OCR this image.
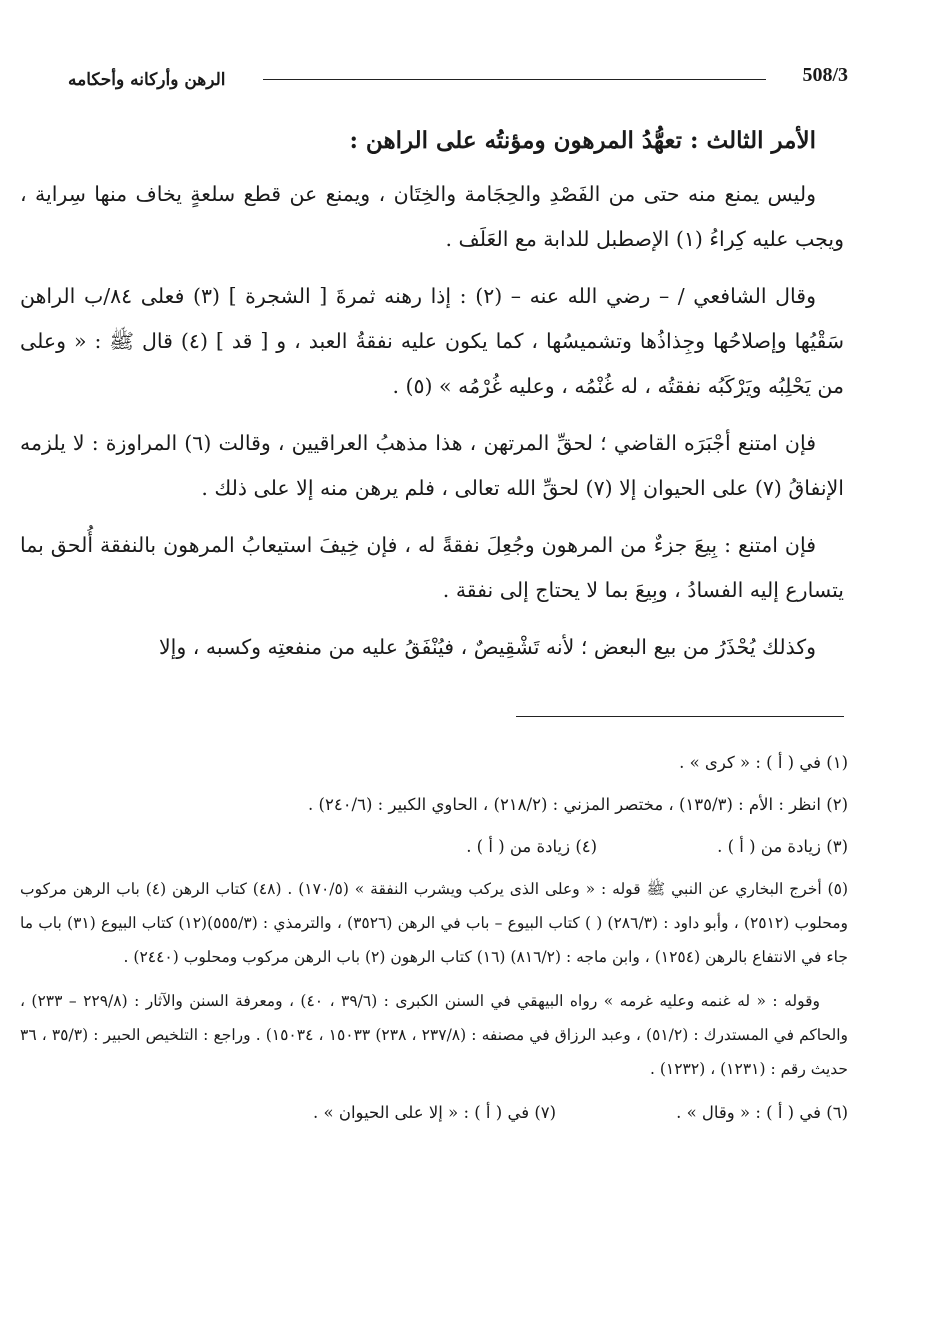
508/3
الرهن وأركانه وأحكامه
الأمر الثالث : تعهُّدُ المرهون ومؤنتُه على الراهن :

وليس يمنع منه حتى من الفَصْدِ والحِجَامة والخِتَان ، ويمنع عن قطع سلعةٍ يخاف منها سِراية ، ويجب عليه كِراءُ (١) الإصطبل للدابة مع العَلَف .

وقال الشافعي / – رضي الله عنه – (٢) : إذا رهنه ثمرةَ [ الشجرة ] (٣) فعلى ٨٤/ب الراهن سَقْيُها وإصلاحُها وجِذاذُها وتشميسُها ، كما يكون عليه نفقةُ العبد ، و [ قد ] (٤) قال ﷺ : « وعلى من يَحْلِبُه ويَرْكَبُه نفقتُه ، له غُنْمُه ، وعليه غُرْمُه » (٥) .

فإن امتنع أجْبَرَه القاضي ؛ لحقِّ المرتهن ، هذا مذهبُ العراقيين ، وقالت (٦) المراوزة : لا يلزمه الإنفاقُ (٧) على الحيوان إلا (٧) لحقِّ الله تعالى ، فلم يرهن منه إلا على ذلك .

فإن امتنع : بِيعَ جزءٌ من المرهون وجُعِلَ نفقةً له ، فإن خِيفَ استيعابُ المرهون بالنفقة أُلحق بما يتسارع إليه الفسادُ ، وبِيعَ بما لا يحتاج إلى نفقة .

وكذلك يُحْذَرُ من بيع البعض ؛ لأنه تَشْقِيصٌ ، فيُنْفَقُ عليه من منفعتِه وكسبه ، وإلا

(١) في ( أ ) : « كرى » .

(٢) انظر : الأم : (١٣٥/٣) ، مختصر المزني : (٢١٨/٢) ، الحاوي الكبير : (٢٤٠/٦) .

(٣) زيادة من ( أ ) .
(٤) زيادة من ( أ ) .

(٥) أخرج البخاري عن النبي ﷺ قوله : « وعلى الذى يركب ويشرب النفقة » (١٧٠/٥) . (٤٨) كتاب الرهن (٤) باب الرهن مركوب ومحلوب (٢٥١٢) ، وأبو داود : (٢٨٦/٣) ( ) كتاب البيوع – باب في الرهن (٣٥٢٦) ، والترمذي : (٥٥٥/٣)(١٢) كتاب البيوع (٣١) باب ما جاء في الانتفاع بالرهن (١٢٥٤) ، وابن ماجه : (٨١٦/٢) (١٦) كتاب الرهون (٢) باب الرهن مركوب ومحلوب (٢٤٤٠) .

وقوله : « له غنمه وعليه غرمه » رواه البيهقي في السنن الكبرى : (٣٩/٦ ، ٤٠) ، ومعرفة السنن والآثار : (٢٢٩/٨ – ٢٣٣) ، والحاكم في المستدرك : (٥١/٢) ، وعبد الرزاق في مصنفه : (٢٣٧/٨ ، ٢٣٨) ١٥٠٣٣ ، ١٥٠٣٤) . وراجع : التلخيص الحبير : (٣٥/٣ ، ٣٦ حديث رقم : (١٢٣١) ، (١٢٣٢) .

(٦) في ( أ ) : « وقال » .
(٧) في ( أ ) : « إلا على الحيوان » .
